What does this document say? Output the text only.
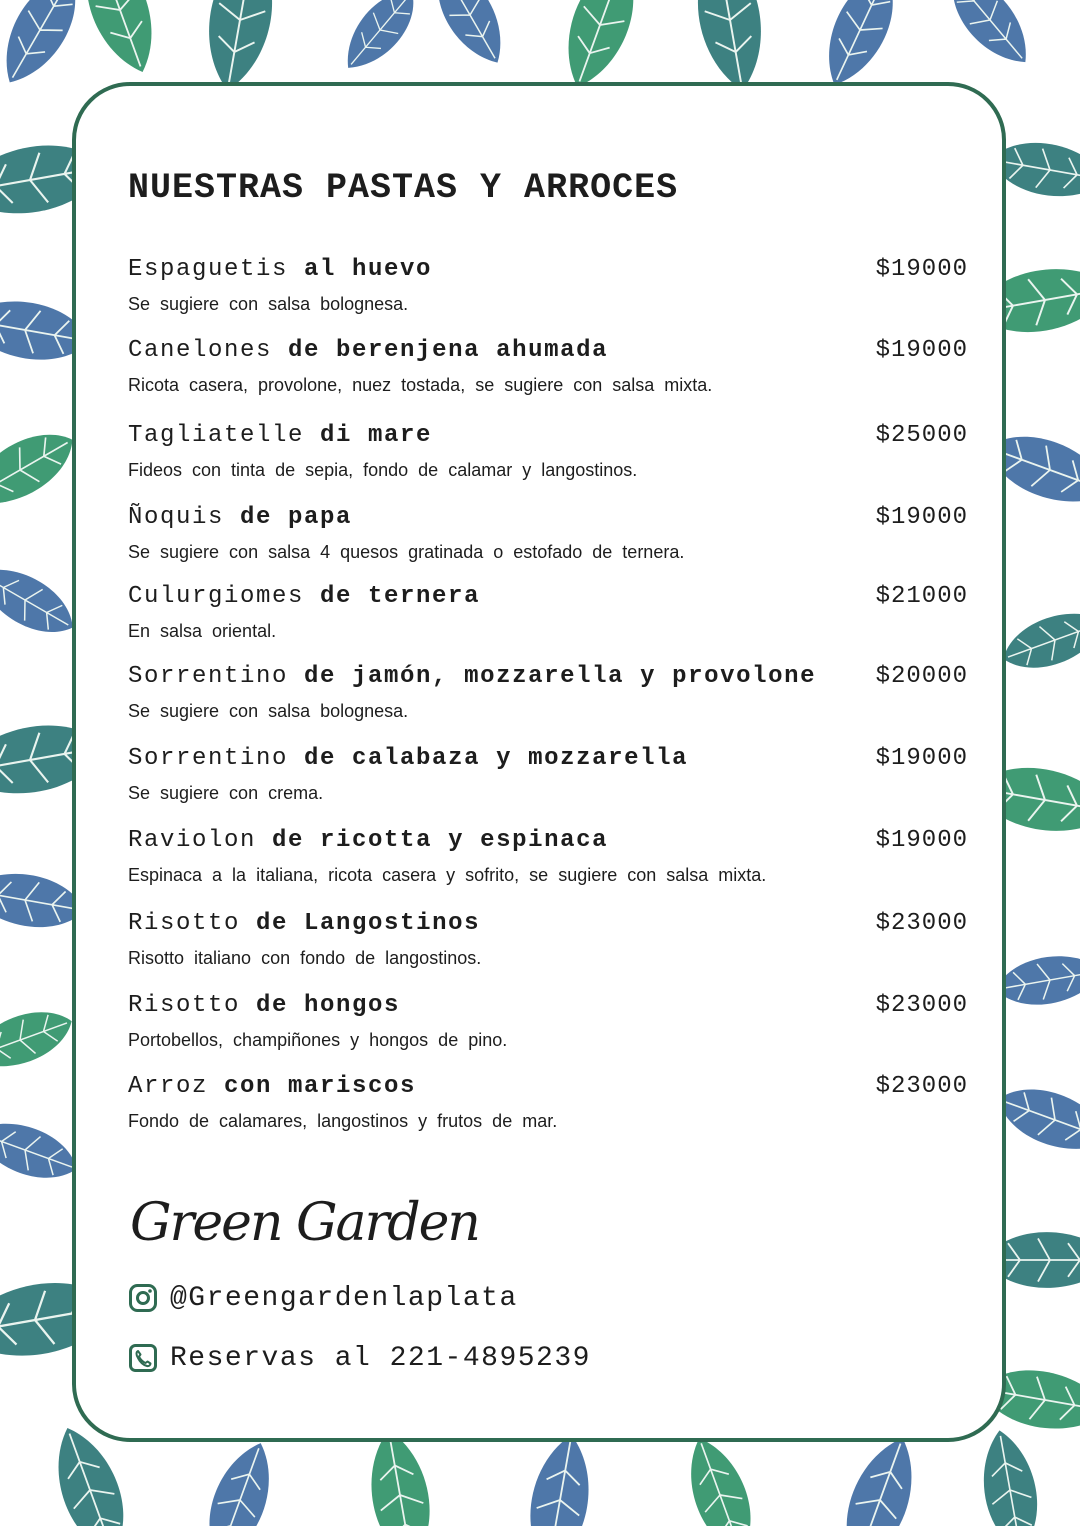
NUESTRAS PASTAS Y ARROCES
Espaguetis al huevo
Se sugiere con salsa bolognesa.
$19000
Canelones de berenjena ahumada
Ricota casera, provolone, nuez tostada, se sugiere con salsa mixta.
$19000
Tagliatelle di mare
Fideos con tinta de sepia, fondo de calamar y langostinos.
$25000
Ñoquis de papa
Se sugiere con salsa 4 quesos gratinada o estofado de ternera.
$19000
Culurgiomes de ternera
En salsa oriental.
$21000
Sorrentino de jamón, mozzarella y provolone
Se sugiere con salsa bolognesa.
$20000
Sorrentino de calabaza y mozzarella
Se sugiere con crema.
$19000
Raviolon de ricotta y espinaca
Espinaca a la italiana, ricota casera y sofrito, se sugiere con salsa mixta.
$19000
Risotto de Langostinos
Risotto italiano con fondo de langostinos.
$23000
Risotto de hongos
Portobellos, champiñones y hongos de pino.
$23000
Arroz con mariscos
Fondo de calamares, langostinos y frutos de mar.
$23000
Green Garden
@Greengardenlaplata
Reservas al 221-4895239
